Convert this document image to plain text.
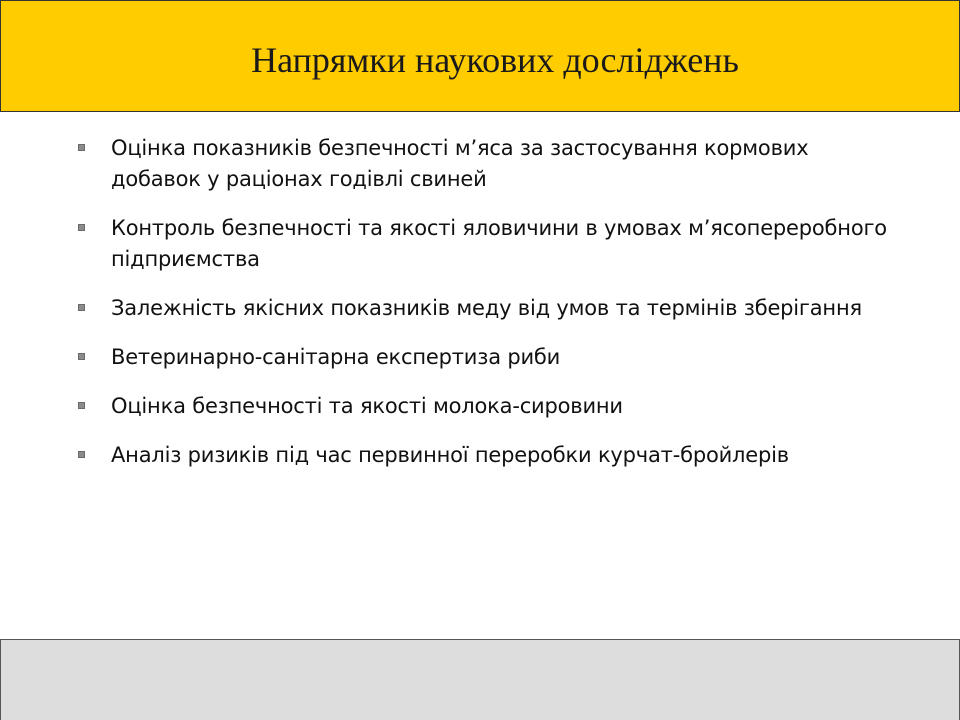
Напрямки наукових досліджень
Оцінка показників безпечності м’яса за застосування кормових добавок у раціонах годівлі свиней
Контроль безпечності та якості яловичини в умовах м’ясопереробного підприємства
Залежність якісних показників меду від умов та термінів зберігання
Ветеринарно-санітарна експертиза риби
Оцінка безпечності та якості молока-сировини
Аналіз ризиків під час первинної переробки курчат-бройлерів
